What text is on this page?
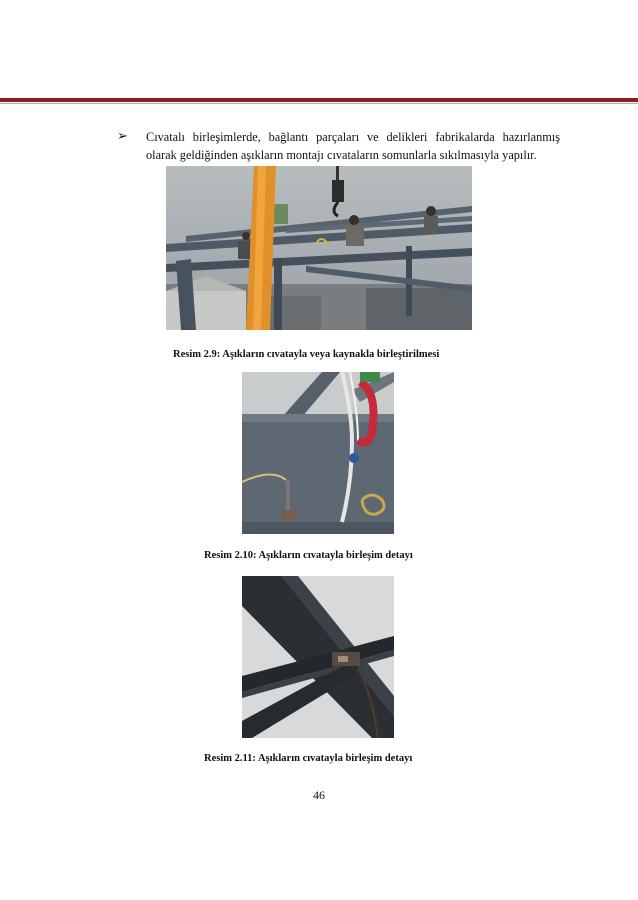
➢ Cıvatalı birleşimlerde, bağlantı parçaları ve delikleri fabrikalarda hazırlanmış olarak geldiğinden aşıkların montajı cıvataların somunlarla sıkılmasıyla yapılır.
Resim 2.9: Aşıkların cıvatayla veya kaynakla birleştirilmesi
Resim 2.10: Aşıkların cıvatayla birleşim detayı
Resim 2.11: Aşıkların cıvatayla birleşim detayı
46
